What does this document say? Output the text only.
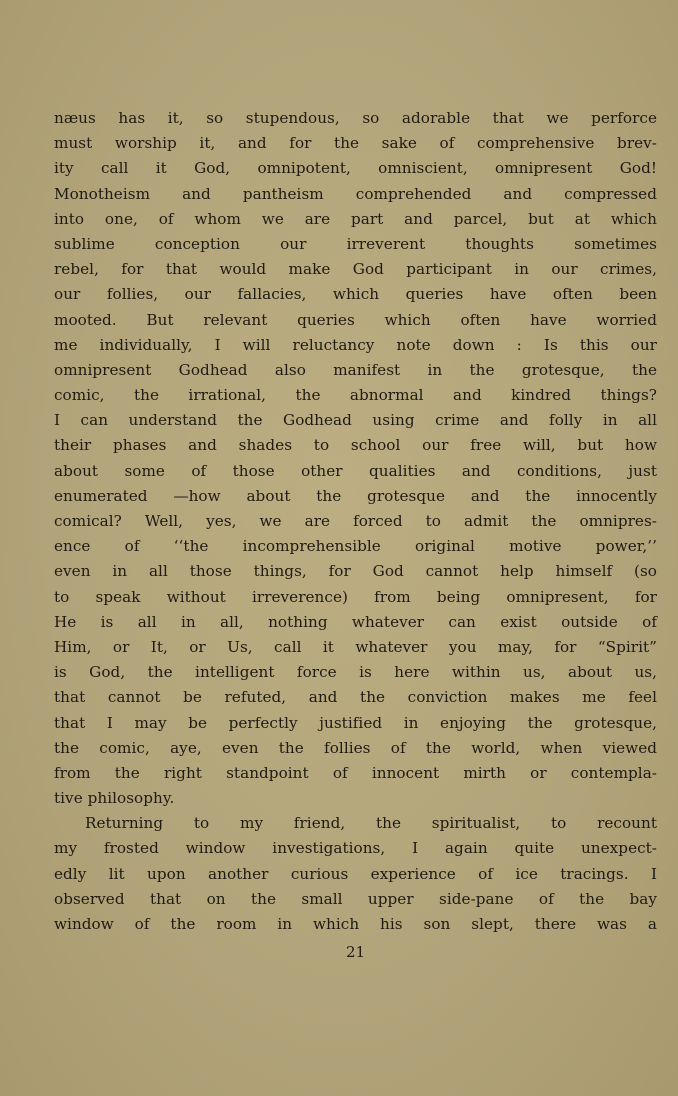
næus has it, so stupendous, so adorable that we perforce
must worship it, and for the sake of comprehensive brev-
ity call it God, omnipotent, omniscient, omnipresent God!
Monotheism and pantheism comprehended and compressed
into one, of whom we are part and parcel, but at which
sublime conception our irreverent thoughts sometimes
rebel, for that would make God participant in our crimes,
our follies, our fallacies, which queries have often been
mooted. But relevant queries which often have worried
me individually, I will reluctancy note down : Is this our
omnipresent Godhead also manifest in the grotesque, the
comic, the irrational, the abnormal and kindred things?
I can understand the Godhead using crime and folly in all
their phases and shades to school our free will, but how
about some of those other qualities and conditions, just
enumerated —how about the grotesque and the innocently
comical? Well, yes, we are forced to admit the omnipres-
ence of ‘‘the incomprehensible original motive power,’’
even in all those things, for God cannot help himself (so
to speak without irreverence) from being omnipresent, for
He is all in all, nothing whatever can exist outside of
Him, or It, or Us, call it whatever you may, for “Spirit”
is God, the intelligent force is here within us, about us,
that cannot be refuted, and the conviction makes me feel
that I may be perfectly justified in enjoying the grotesque,
the comic, aye, even the follies of the world, when viewed
from the right standpoint of innocent mirth or contempla-
tive philosophy.
Returning to my friend, the spiritualist, to recount
my frosted window investigations, I again quite unexpect-
edly lit upon another curious experience of ice tracings. I
observed that on the small upper side-pane of the bay
window of the room in which his son slept, there was a
21
